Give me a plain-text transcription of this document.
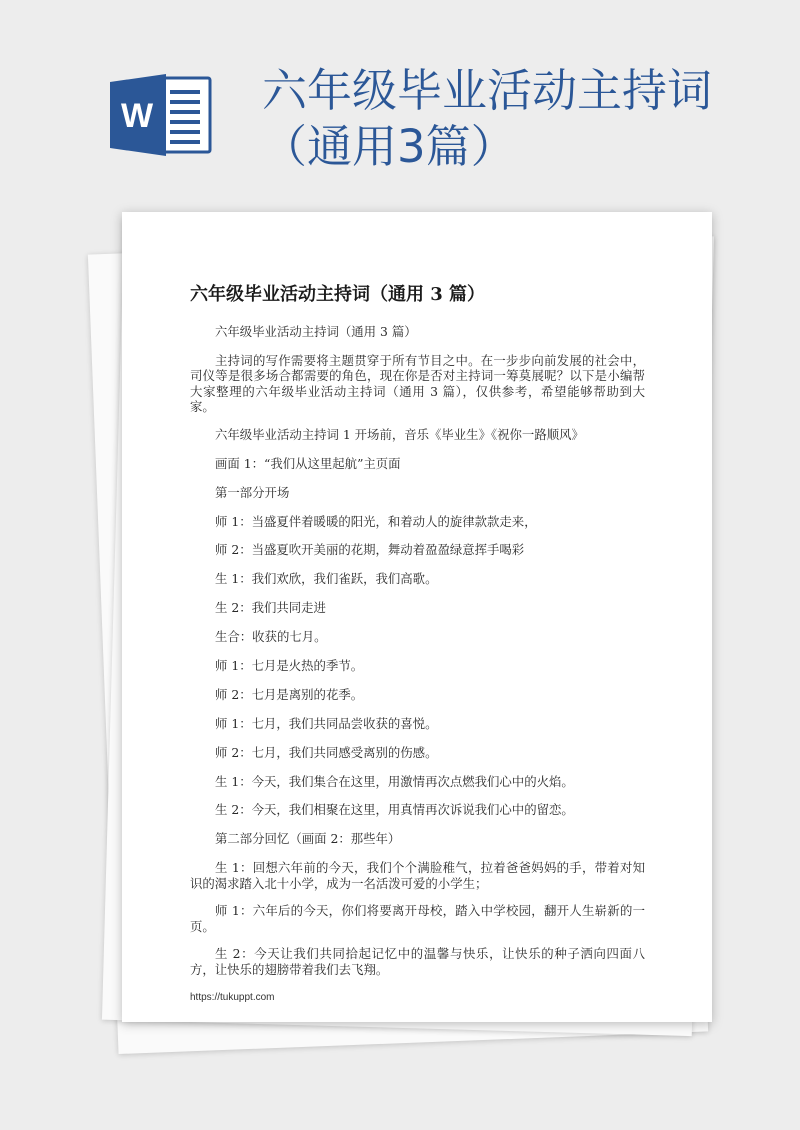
W 六年级毕业活动主持词
（通用3篇）
六年级毕业活动主持词（通用 3 篇）

六年级毕业活动主持词（通用 3 篇）

主持词的写作需要将主题贯穿于所有节目之中。在一步步向前发展的社会中，司仪等是很多场合都需要的角色，现在你是否对主持词一筹莫展呢？以下是小编帮大家整理的六年级毕业活动主持词（通用 3 篇），仅供参考，希望能够帮助到大家。

六年级毕业活动主持词 1 开场前，音乐《毕业生》《祝你一路顺风》

画面 1：“我们从这里起航”主页面

第一部分开场

师 1：当盛夏伴着暖暖的阳光，和着动人的旋律款款走来，

师 2：当盛夏吹开美丽的花期，舞动着盈盈绿意挥手喝彩

生 1：我们欢欣，我们雀跃，我们高歌。

生 2：我们共同走进

生合：收获的七月。

师 1：七月是火热的季节。

师 2：七月是离别的花季。

师 1：七月，我们共同品尝收获的喜悦。

师 2：七月，我们共同感受离别的伤感。

生 1：今天，我们集合在这里，用激情再次点燃我们心中的火焰。

生 2：今天，我们相聚在这里，用真情再次诉说我们心中的留恋。

第二部分回忆（画面 2：那些年）

生 1：回想六年前的今天，我们个个满脸稚气，拉着爸爸妈妈的手，带着对知识的渴求踏入北十小学，成为一名活泼可爱的小学生；

师 1：六年后的今天，你们将要离开母校，踏入中学校园，翻开人生崭新的一页。

生 2：今天让我们共同拾起记忆中的温馨与快乐，让快乐的种子洒向四面八方，让快乐的翅膀带着我们去飞翔。

https://tukuppt.com
